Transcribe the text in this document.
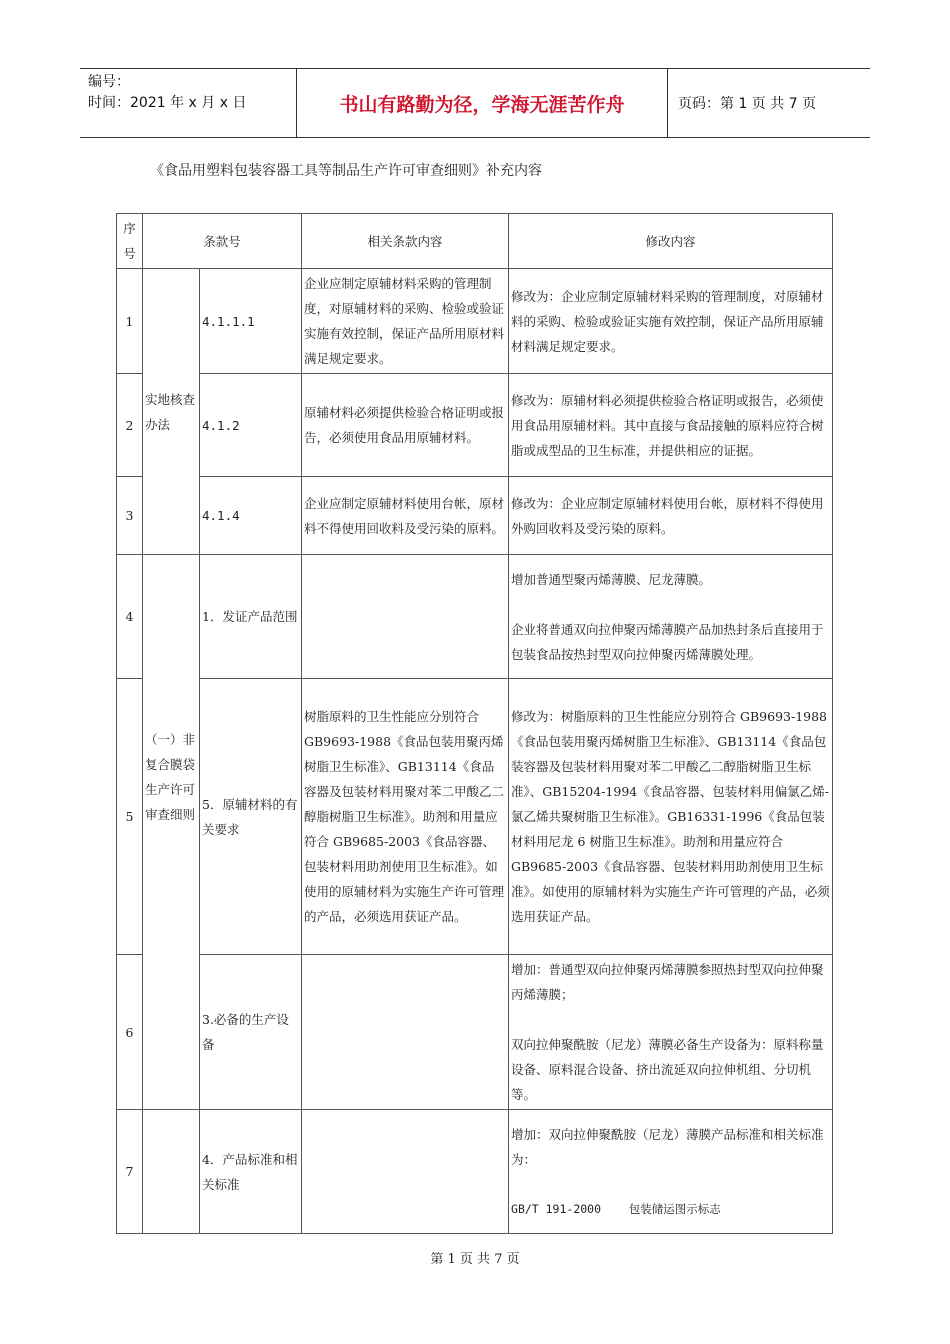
编号：
时间：2021 年 x 月 x 日	书山有路勤为径，学海无涯苦作舟	页码：第 1 页 共 7 页
《食品用塑料包装容器工具等制品生产许可审查细则》补充内容
序号	条款号		相关条款内容	修改内容
1	实地核查办法	4.1.1.1	企业应制定原辅材料采购的管理制度，对原辅材料的采购、检验或验证实施有效控制，保证产品所用原材料满足规定要求。	修改为：企业应制定原辅材料采购的管理制度，对原辅材料的采购、检验或验证实施有效控制，保证产品所用原辅材料满足规定要求。
2		4.1.2	原辅材料必须提供检验合格证明或报告，必须使用食品用原辅材料。	修改为：原辅材料必须提供检验合格证明或报告，必须使用食品用原辅材料。其中直接与食品接触的原料应符合树脂或成型品的卫生标准，并提供相应的证据。
3		4.1.4	企业应制定原辅材料使用台帐，原材料不得使用回收料及受污染的原料。	修改为：企业应制定原辅材料使用台帐，原材料不得使用外购回收料及受污染的原料。
4	（一）非复合膜袋生产许可审查细则	1．发证产品范围		增加普通型聚丙烯薄膜、尼龙薄膜。
企业将普通双向拉伸聚丙烯薄膜产品加热封条后直接用于包装食品按热封型双向拉伸聚丙烯薄膜处理。

5		5．原辅材料的有关要求	树脂原料的卫生性能应分别符合 GB9693-1988《食品包装用聚丙烯树脂卫生标准》、GB13114《食品容器及包装材料用聚对苯二甲酸乙二醇脂树脂卫生标准》。助剂和用量应符合 GB9685-2003《食品容器、包装材料用助剂使用卫生标准》。如使用的原辅材料为实施生产许可管理的产品，必须选用获证产品。	修改为：树脂原料的卫生性能应分别符合 GB9693-1988《食品包装用聚丙烯树脂卫生标准》、GB13114《食品包装容器及包装材料用聚对苯二甲酸乙二醇脂树脂卫生标准》、GB15204-1994《食品容器、包装材料用偏氯乙烯-氯乙烯共聚树脂卫生标准》。GB16331-1996《食品包装材料用尼龙 6 树脂卫生标准》。助剂和用量应符合 GB9685-2003《食品容器、包装材料用助剂使用卫生标准》。如使用的原辅材料为实施生产许可管理的产品，必须选用获证产品。
6		3.必备的生产设备		增加：普通型双向拉伸聚丙烯薄膜参照热封型双向拉伸聚丙烯薄膜；
双向拉伸聚酰胺（尼龙）薄膜必备生产设备为：原料称量设备、原料混合设备、挤出流延双向拉伸机组、分切机等。

7		4．产品标准和相关标准		增加：双向拉伸聚酰胺（尼龙）薄膜产品标准和相关标准为：
GB/T 191-2000    包装储运图示标志
第 1 页 共 7 页
